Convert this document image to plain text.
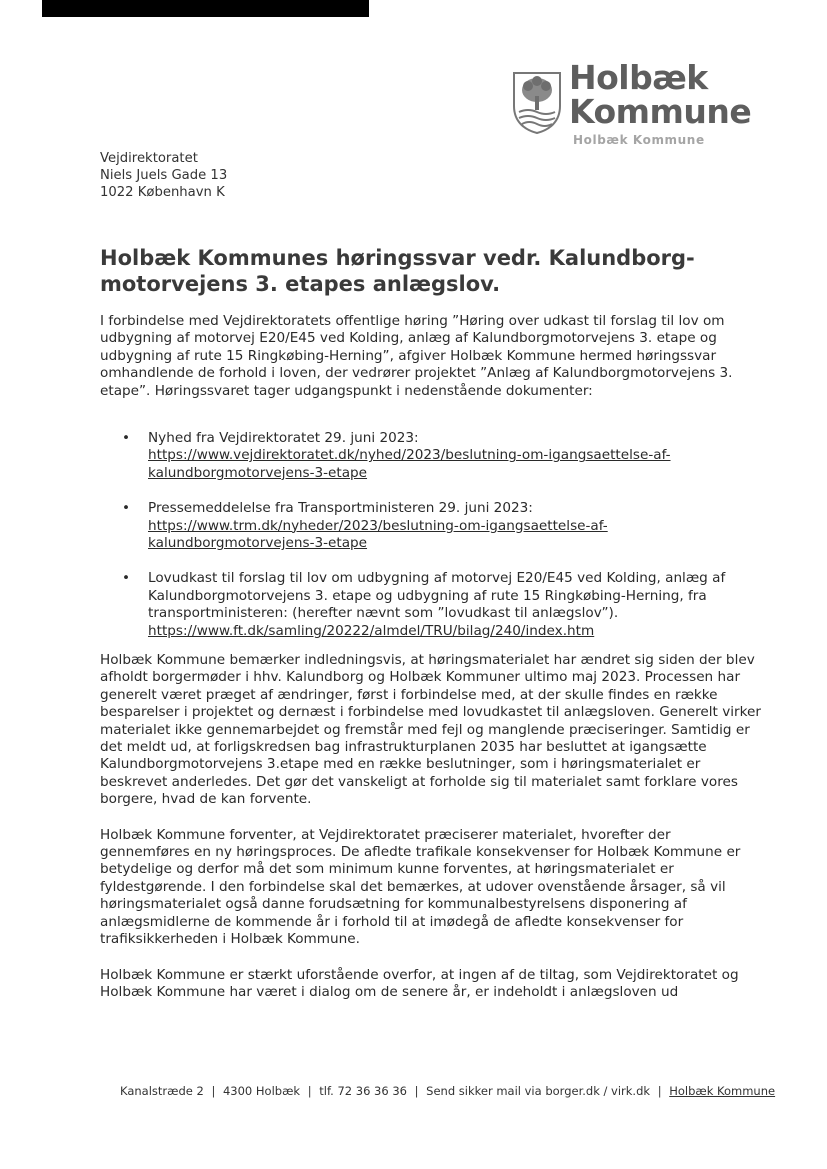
Holbæk
Kommune
Holbæk Kommune
Vejdirektoratet
Niels Juels Gade 13
1022 København K
Holbæk Kommunes høringssvar vedr. Kalundborg-motorvejens 3. etapes anlægslov.

I forbindelse med Vejdirektoratets offentlige høring ”Høring over udkast til forslag til lov om udbygning af motorvej E20/E45 ved Kolding, anlæg af Kalundborgmotorvejens 3. etape og udbygning af rute 15 Ringkøbing-Herning”, afgiver Holbæk Kommune hermed høringssvar omhandlende de forhold i loven, der vedrører projektet ”Anlæg af Kalundborgmotorvejens 3. etape”. Høringssvaret tager udgangspunkt i nedenstående dokumenter:

• Nyhed fra Vejdirektoratet 29. juni 2023:
https://www.vejdirektoratet.dk/nyhed/2023/beslutning-om-igangsaettelse-af-kalundborgmotorvejens-3-etape
• Pressemeddelelse fra Transportministeren 29. juni 2023:
https://www.trm.dk/nyheder/2023/beslutning-om-igangsaettelse-af-kalundborgmotorvejens-3-etape
• Lovudkast til forslag til lov om udbygning af motorvej E20/E45 ved Kolding, anlæg af Kalundborgmotorvejens 3. etape og udbygning af rute 15 Ringkøbing-Herning, fra transportministeren: (herefter nævnt som ”lovudkast til anlægslov”).
https://www.ft.dk/samling/20222/almdel/TRU/bilag/240/index.htm

Holbæk Kommune bemærker indledningsvis, at høringsmaterialet har ændret sig siden der blev afholdt borgermøder i hhv. Kalundborg og Holbæk Kommuner ultimo maj 2023. Processen har generelt været præget af ændringer, først i forbindelse med, at der skulle findes en række besparelser i projektet og dernæst i forbindelse med lovudkastet til anlægsloven. Generelt virker materialet ikke gennemarbejdet og fremstår med fejl og manglende præciseringer. Samtidig er det meldt ud, at forligskredsen bag infrastrukturplanen 2035 har besluttet at igangsætte Kalundborgmotorvejens 3.etape med en række beslutninger, som i høringsmaterialet er beskrevet anderledes. Det gør det vanskeligt at forholde sig til materialet samt forklare vores borgere, hvad de kan forvente.

Holbæk Kommune forventer, at Vejdirektoratet præciserer materialet, hvorefter der gennemføres en ny høringsproces. De afledte trafikale konsekvenser for Holbæk Kommune er betydelige og derfor må det som minimum kunne forventes, at høringsmaterialet er fyldestgørende. I den forbindelse skal det bemærkes, at udover ovenstående årsager, så vil høringsmaterialet også danne forudsætning for kommunalbestyrelsens disponering af anlægsmidlerne de kommende år i forhold til at imødegå de afledte konsekvenser for trafiksikkerheden i Holbæk Kommune.

Holbæk Kommune er stærkt uforstående overfor, at ingen af de tiltag, som Vejdirektoratet og Holbæk Kommune har været i dialog om de senere år, er indeholdt i anlægsloven ud

Kanalstræde 2 | 4300 Holbæk | tlf. 72 36 36 36 | Send sikker mail via borger.dk / virk.dk | Holbæk Kommune
